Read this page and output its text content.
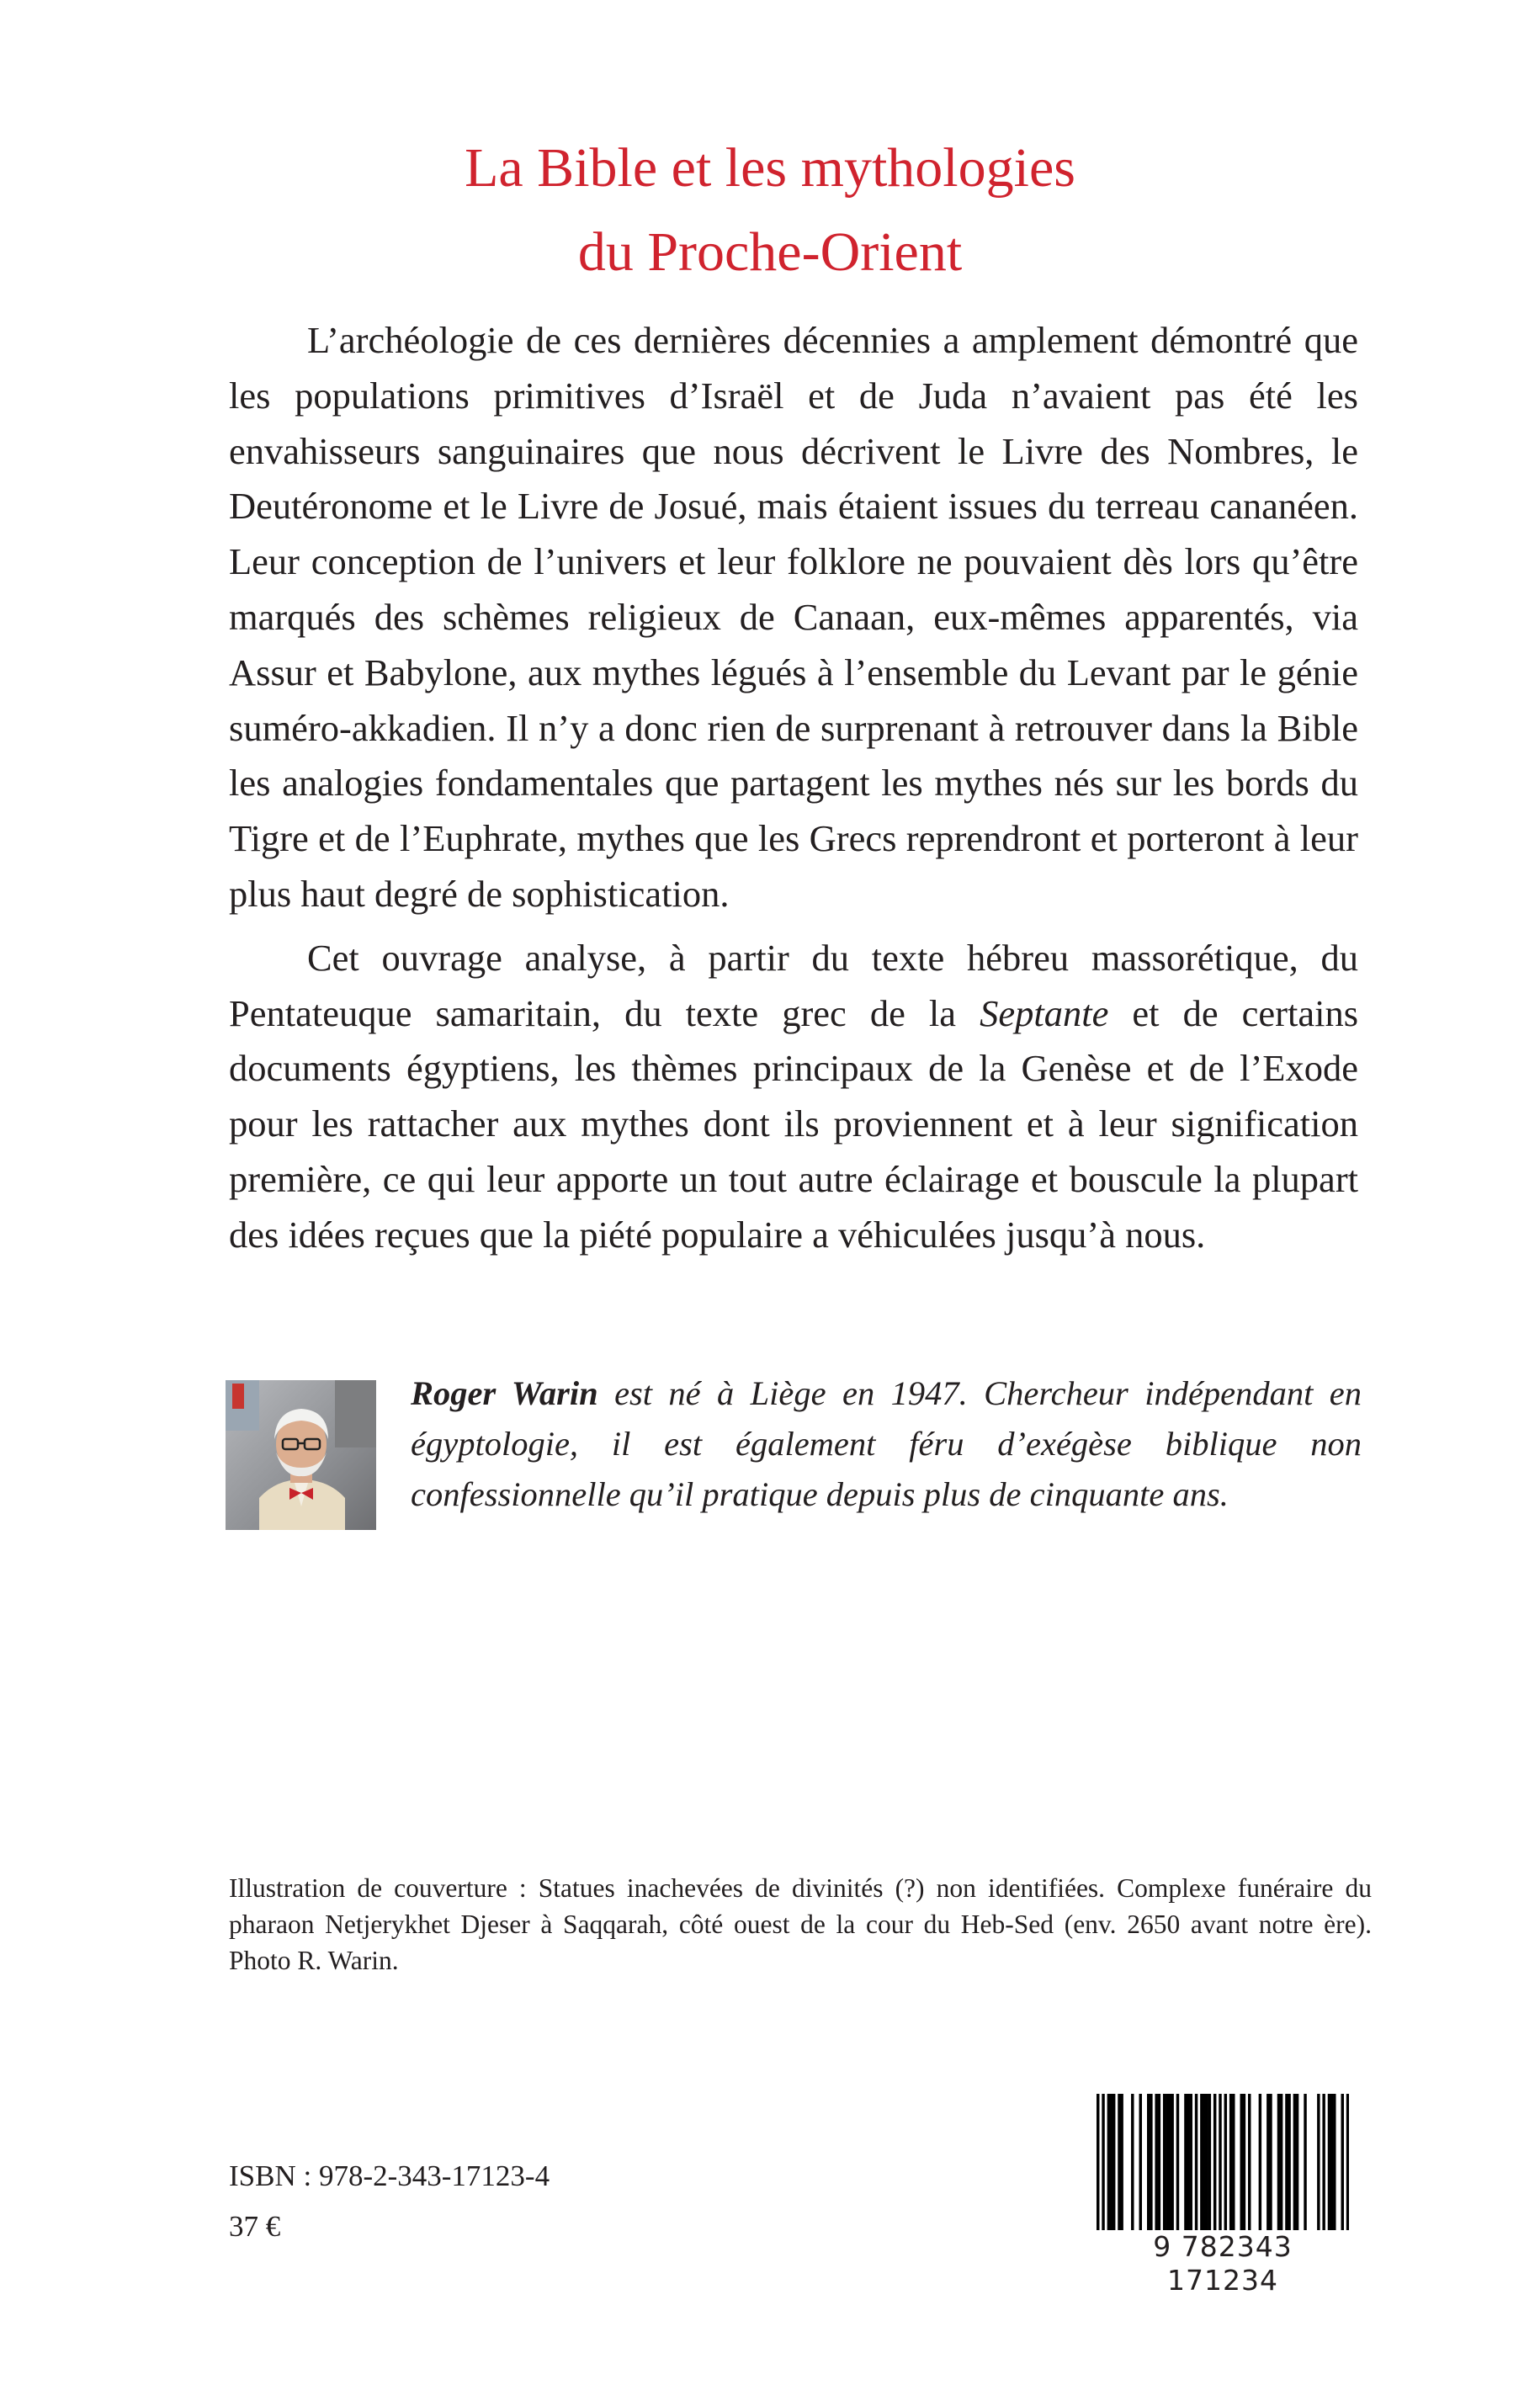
La Bible et les mythologies
du Proche-Orient

L’archéologie de ces dernières décennies a amplement démontré que les populations primitives d’Israël et de Juda n’avaient pas été les envahisseurs sanguinaires que nous décrivent le Livre des Nombres, le Deutéronome et le Livre de Josué, mais étaient issues du terreau cananéen. Leur conception de l’univers et leur folklore ne pouvaient dès lors qu’être marqués des schèmes religieux de Canaan, eux-mêmes apparentés, via Assur et Babylone, aux mythes légués à l’ensemble du Levant par le génie suméro-akkadien. Il n’y a donc rien de surprenant à retrouver dans la Bible les analogies fondamentales que partagent les mythes nés sur les bords du Tigre et de l’Euphrate, mythes que les Grecs reprendront et porteront à leur plus haut degré de sophistication.

Cet ouvrage analyse, à partir du texte hébreu massorétique, du Pentateuque samaritain, du texte grec de la Septante et de certains documents égyptiens, les thèmes principaux de la Genèse et de l’Exode pour les rattacher aux mythes dont ils proviennent et à leur signification première, ce qui leur apporte un tout autre éclairage et bouscule la plupart des idées reçues que la piété populaire a véhiculées jusqu’à nous.

Roger Warin est né à Liège en 1947. Chercheur indépendant en égyptologie, il est également féru d’exégèse biblique non confessionnelle qu’il pratique depuis plus de cinquante ans.
Illustration de couverture : Statues inachevées de divinités (?) non identifiées. Complexe funéraire du pharaon Netjerykhet Djeser à Saqqarah, côté ouest de la cour du Heb-Sed (env. 2650 avant notre ère). Photo R. Warin.
ISBN : 978-2-343-17123-4
37 €
9 782343 171234
